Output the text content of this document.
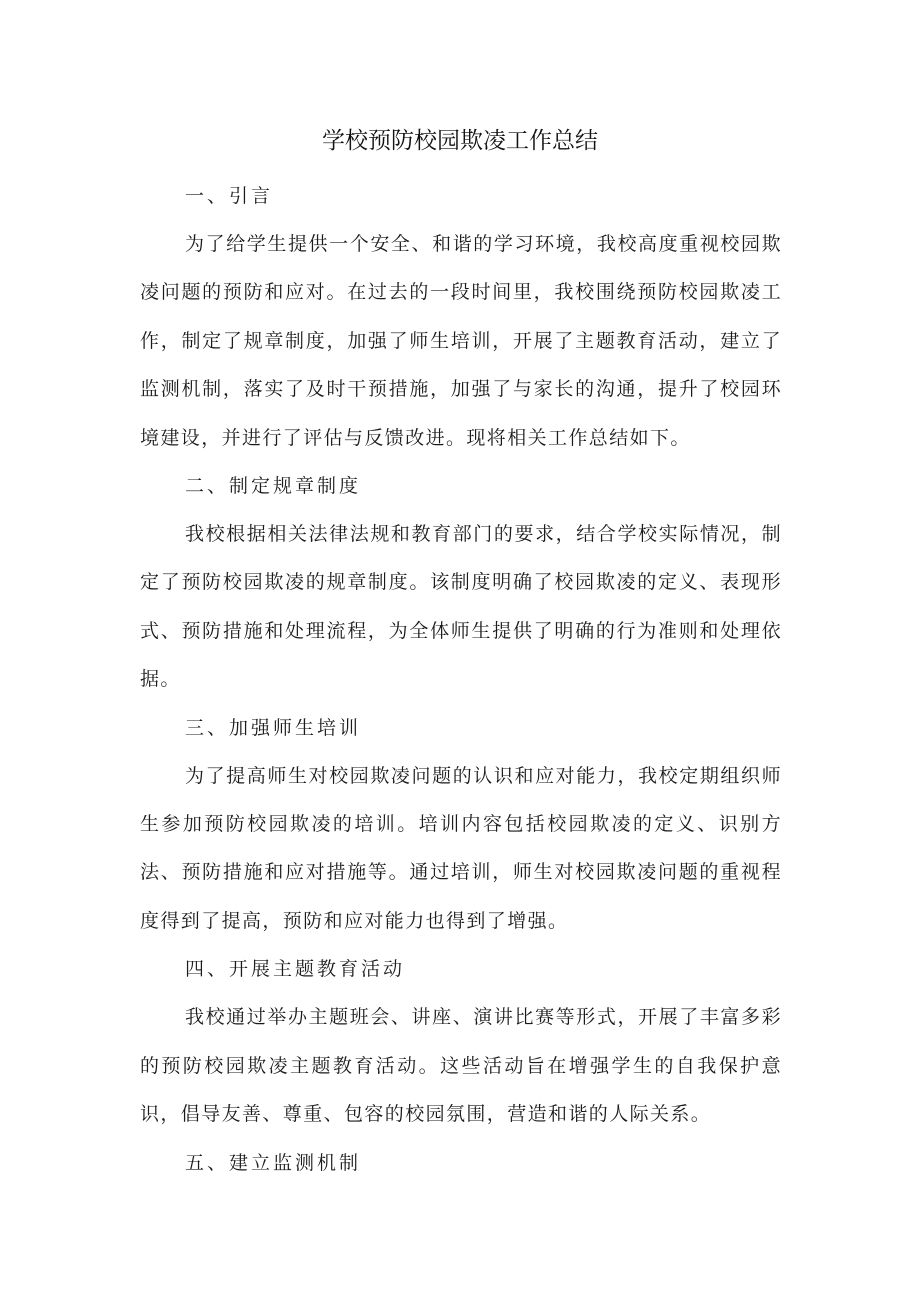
学校预防校园欺凌工作总结
一、引言

为了给学生提供一个安全、和谐的学习环境，我校高度重视校园欺凌问题的预防和应对。在过去的一段时间里，我校围绕预防校园欺凌工作，制定了规章制度，加强了师生培训，开展了主题教育活动，建立了监测机制，落实了及时干预措施，加强了与家长的沟通，提升了校园环境建设，并进行了评估与反馈改进。现将相关工作总结如下。

二、制定规章制度

我校根据相关法律法规和教育部门的要求，结合学校实际情况，制定了预防校园欺凌的规章制度。该制度明确了校园欺凌的定义、表现形式、预防措施和处理流程，为全体师生提供了明确的行为准则和处理依据。

三、加强师生培训

为了提高师生对校园欺凌问题的认识和应对能力，我校定期组织师生参加预防校园欺凌的培训。培训内容包括校园欺凌的定义、识别方法、预防措施和应对措施等。通过培训，师生对校园欺凌问题的重视程度得到了提高，预防和应对能力也得到了增强。

四、开展主题教育活动

我校通过举办主题班会、讲座、演讲比赛等形式，开展了丰富多彩的预防校园欺凌主题教育活动。这些活动旨在增强学生的自我保护意识，倡导友善、尊重、包容的校园氛围，营造和谐的人际关系。

五、建立监测机制
